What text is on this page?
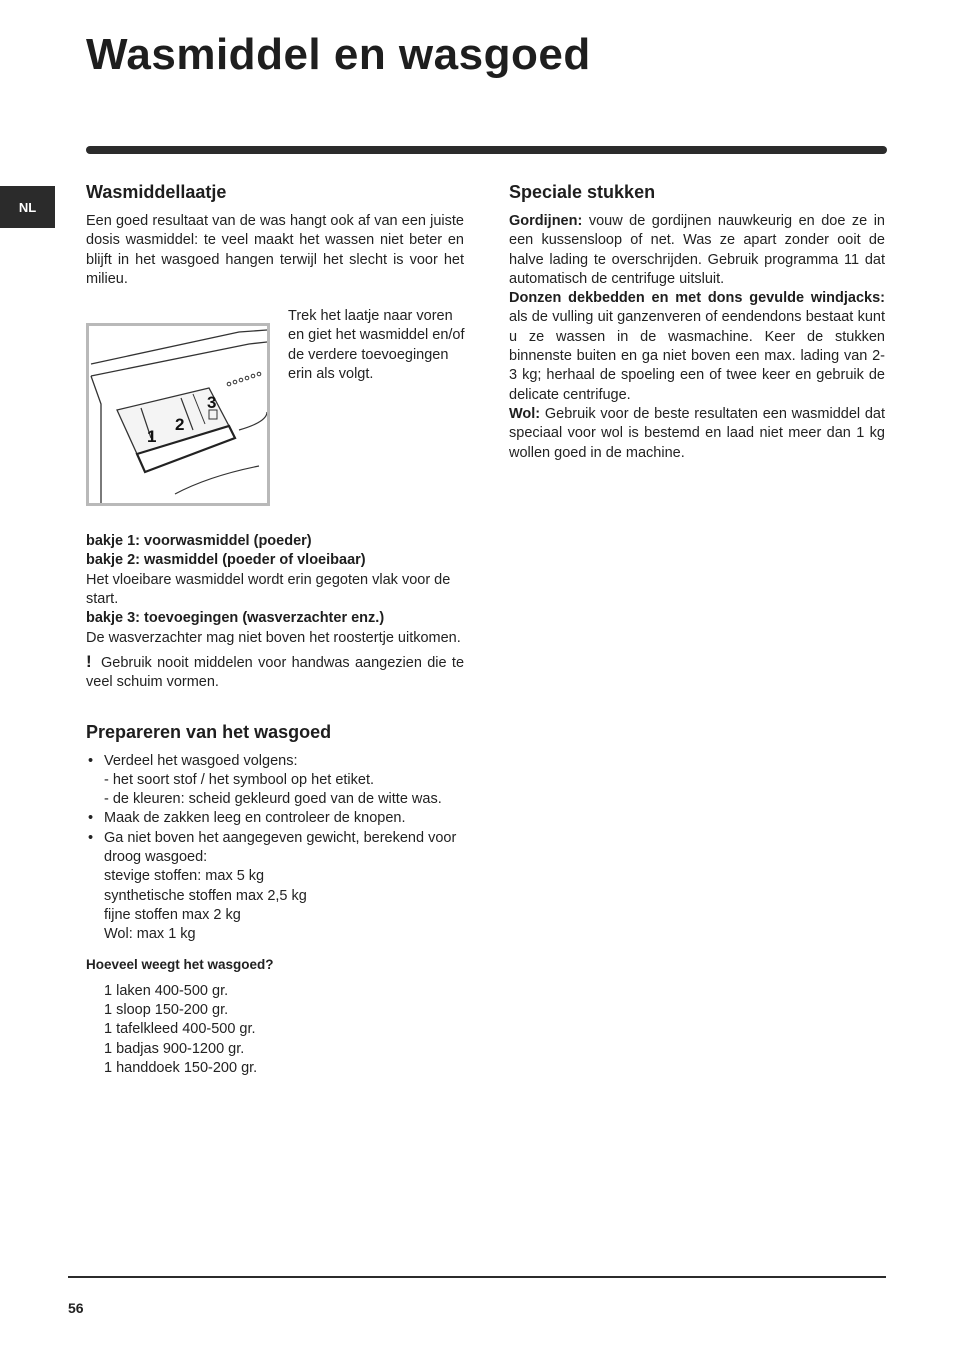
Wasmiddel en wasgoed
NL
Wasmiddellaatje

Een goed resultaat van de was hangt ook af van een juiste dosis wasmiddel: te veel maakt het wassen niet beter en blijft in het wasgoed hangen terwijl het slecht is voor het milieu.

1
2
3

Trek het laatje naar voren en giet het wasmiddel en/of de verdere toevoegingen erin als volgt.

bakje 1: voorwasmiddel (poeder)

bakje 2: wasmiddel (poeder of vloeibaar)

Het vloeibare wasmiddel wordt erin gegoten vlak voor de start.

bakje 3: toevoegingen (wasverzachter enz.)

De wasverzachter mag niet boven het roostertje uitkomen.

! Gebruik nooit middelen voor handwas aangezien die te veel schuim vormen.

Prepareren van het wasgoed
• Verdeel het wasgoed volgens:
- het soort stof / het symbool op het etiket.
- de kleuren: scheid gekleurd goed van de witte was.
• Maak de zakken leeg en controleer de knopen.
• Ga niet boven het aangegeven gewicht, berekend voor droog wasgoed:
stevige stoffen: max 5 kg
synthetische stoffen max 2,5 kg
fijne stoffen max 2 kg
Wol: max 1 kg

Hoeveel weegt het wasgoed?

1 laken 400-500 gr.

1 sloop 150-200 gr.

1 tafelkleed 400-500 gr.

1 badjas 900-1200 gr.

1 handdoek 150-200 gr.

Speciale stukken

Gordijnen: vouw de gordijnen nauwkeurig en doe ze in een kussensloop of net. Was ze apart zonder ooit de halve lading te overschrijden. Gebruik programma 11 dat automatisch de centrifuge uitsluit.

Donzen dekbedden en met dons gevulde windjacks: als de vulling uit ganzenveren of eendendons bestaat kunt u ze wassen in de wasmachine. Keer de stukken binnenste buiten en ga niet boven een max. lading van 2-3 kg; herhaal de spoeling een of twee keer en gebruik de delicate centrifuge.

Wol: Gebruik voor de beste resultaten een wasmiddel dat speciaal voor wol is bestemd en laad niet meer dan 1 kg wollen goed in de machine.

56
